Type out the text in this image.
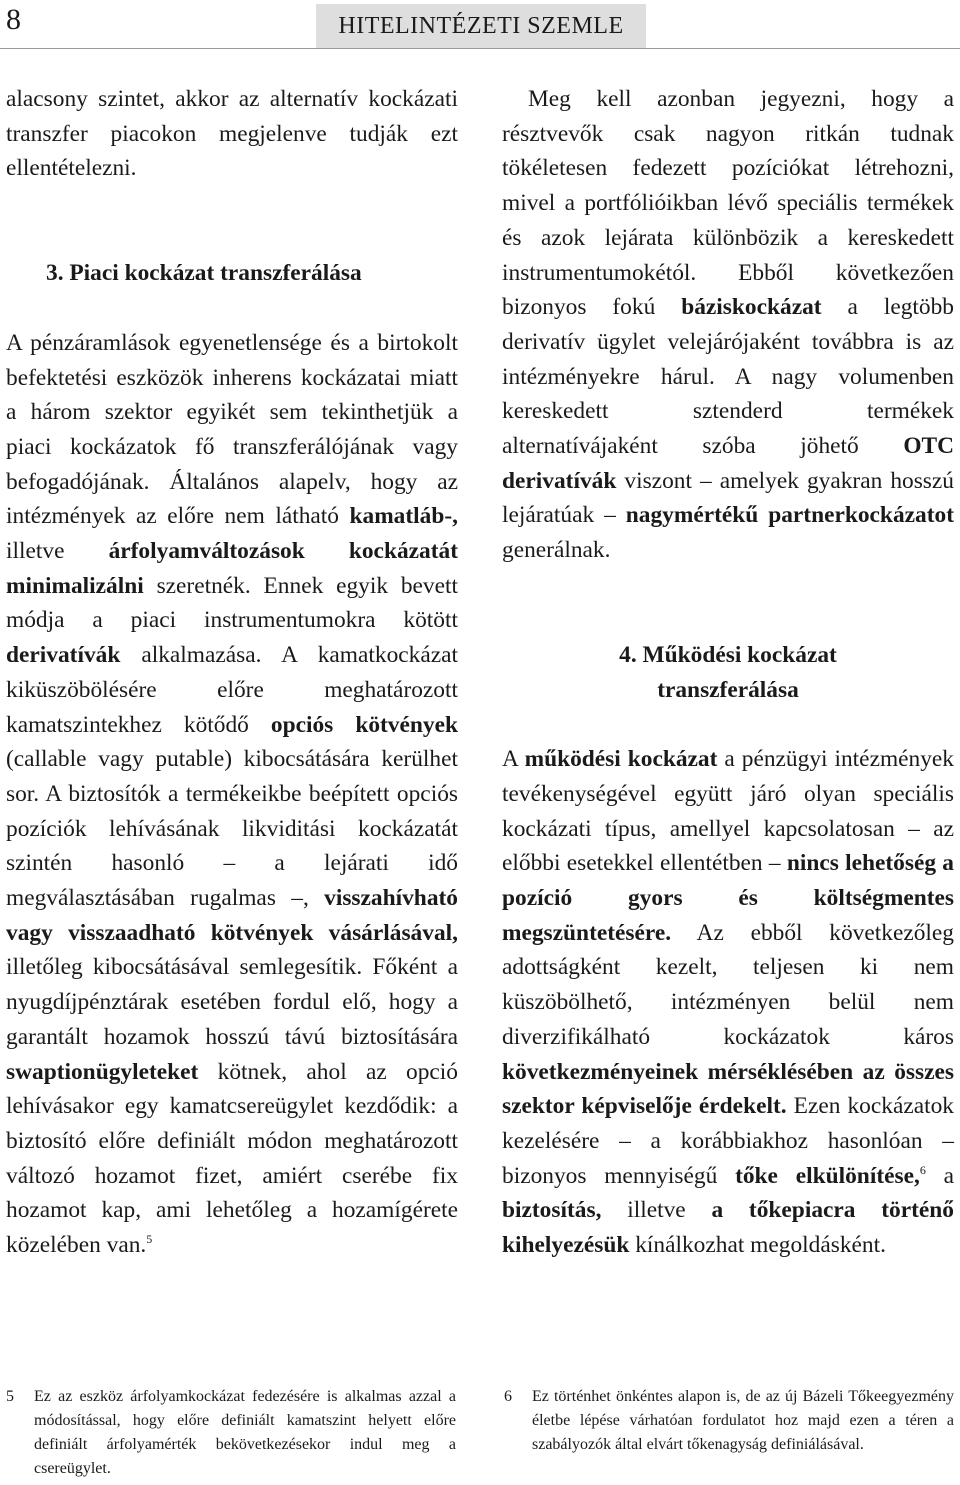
8	HITELINTÉZETI SZEMLE

alacsony szintet, akkor az alternatív kockázati transzfer piacokon megjelenve tudják ezt ellentételezni.

3. Piaci kockázat transzferálása

A pénzáramlások egyenetlensége és a birtokolt befektetési eszközök inherens kockázatai miatt a három szektor egyikét sem tekinthetjük a piaci kockázatok fő transzferálójának vagy befogadójának. Általános alapelv, hogy az intézmények az előre nem látható kamatláb-, illetve árfolyamváltozások kockázatát minimalizálni szeretnék. Ennek egyik bevett módja a piaci instrumentumokra kötött derivatívák alkalmazása. A kamatkockázat kiküszöbölésére előre meghatározott kamatszintekhez kötődő opciós kötvények (callable vagy putable) kibocsátására kerülhet sor. A biztosítók a termékeikbe beépített opciós pozíciók lehívásának likviditási kockázatát szintén hasonló – a lejárati idő megválasztásában rugalmas –, visszahívható vagy visszaadható kötvények vásárlásával, illetőleg kibocsátásával semlegesítik. Főként a nyugdíjpénztárak esetében fordul elő, hogy a garantált hozamok hosszú távú biztosítására swaptionügyleteket kötnek, ahol az opció lehívásakor egy kamatcsereügylet kezdődik: a biztosító előre definiált módon meghatározott változó hozamot fizet, amiért cserébe fix hozamot kap, ami lehetőleg a hozamígérete közelében van.$^5$

Meg kell azonban jegyezni, hogy a résztvevők csak nagyon ritkán tudnak tökéletesen fedezett pozíciókat létrehozni, mivel a portfólióikban lévő speciális termékek és azok lejárata különbözik a kereskedett instrumentumokétól. Ebből következően bizonyos fokú báziskockázat a legtöbb derivatív ügylet velejárójaként továbbra is az intézményekre hárul. A nagy volumenben kereskedett sztenderd termékek alternatívájaként szóba jöhető OTC derivatívák viszont – amelyek gyakran hosszú lejáratúak – nagymértékű partnerkockázatot generálnak.

4. Működési kockázat
transzferálása

A működési kockázat a pénzügyi intézmények tevékenységével együtt járó olyan speciális kockázati típus, amellyel kapcsolatosan – az előbbi esetekkel ellentétben – nincs lehetőség a pozíció gyors és költségmentes megszüntetésére. Az ebből következőleg adottságként kezelt, teljesen ki nem küszöbölhető, intézményen belül nem diverzifikálható kockázatok káros következményeinek mérséklésében az összes szektor képviselője érdekelt. Ezen kockázatok kezelésére – a korábbiakhoz hasonlóan – bizonyos mennyiségű tőke elkülönítése,$^6$ a biztosítás, illetve a tőkepiacra történő kihelyezésük kínálkozhat megoldásként.

5	Ez az eszköz árfolyamkockázat fedezésére is alkalmas azzal a módosítással, hogy előre definiált kamatszint helyett előre definiált árfolyamérték bekövetkezésekor indul meg a csereügylet.
6	Ez történhet önkéntes alapon is, de az új Bázeli Tőkeegyezmény életbe lépése várhatóan fordulatot hoz majd ezen a téren a szabályozók által elvárt tőkenagyság definiálásával.
